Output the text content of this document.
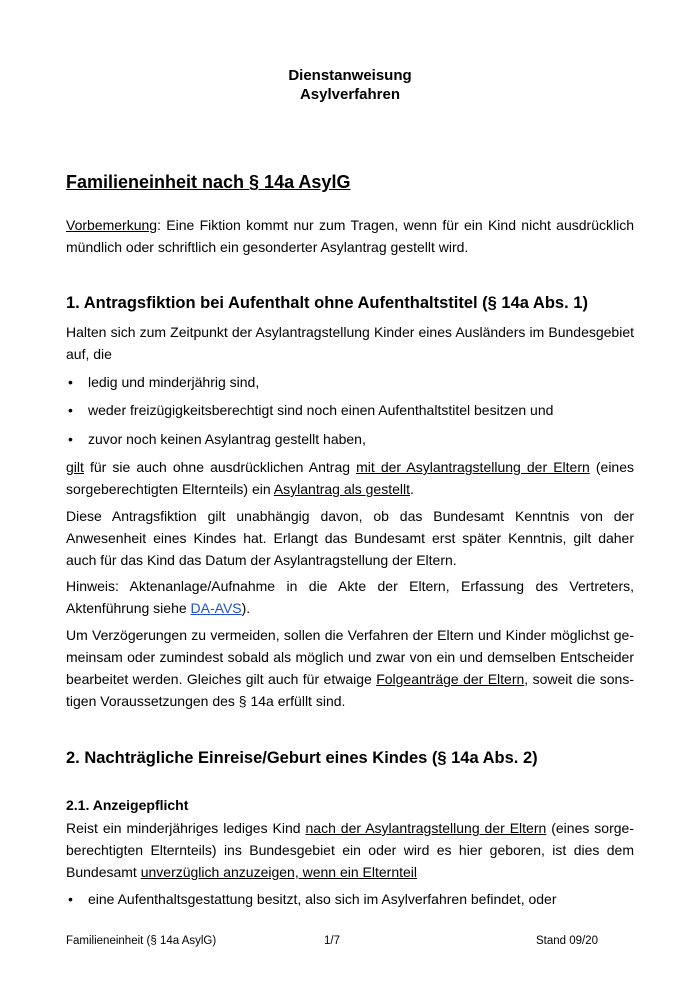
Dienstanweisung
Asylverfahren
Familieneinheit nach § 14a AsylG
Vorbemerkung: Eine Fiktion kommt nur zum Tragen, wenn für ein Kind nicht ausdrücklich mündlich oder schriftlich ein gesonderter Asylantrag gestellt wird.
1. Antragsfiktion bei Aufenthalt ohne Aufenthaltstitel (§ 14a Abs. 1)
Halten sich zum Zeitpunkt der Asylantragstellung Kinder eines Ausländers im Bundesgebiet auf, die
• ledig und minderjährig sind,
• weder freizügigkeitsberechtigt sind noch einen Aufenthaltstitel besitzen und
• zuvor noch keinen Asylantrag gestellt haben,
gilt für sie auch ohne ausdrücklichen Antrag mit der Asylantragstellung der Eltern (eines sorgeberechtigten Elternteils) ein Asylantrag als gestellt.
Diese Antragsfiktion gilt unabhängig davon, ob das Bundesamt Kenntnis von der Anwesenheit eines Kindes hat. Erlangt das Bundesamt erst später Kenntnis, gilt daher auch für das Kind das Datum der Asylantragstellung der Eltern.
Hinweis: Aktenanlage/Aufnahme in die Akte der Eltern, Erfassung des Vertreters, Aktenführung siehe DA-AVS).
Um Verzögerungen zu vermeiden, sollen die Verfahren der Eltern und Kinder möglichst gemeinsam oder zumindest sobald als möglich und zwar von ein und demselben Entscheider bearbeitet werden. Gleiches gilt auch für etwaige Folgeanträge der Eltern, soweit die sonstigen Voraussetzungen des § 14a erfüllt sind.
2. Nachträgliche Einreise/Geburt eines Kindes (§ 14a Abs. 2)
2.1. Anzeigepflicht
Reist ein minderjähriges lediges Kind nach der Asylantragstellung der Eltern (eines sorgeberechtigten Elternteils) ins Bundesgebiet ein oder wird es hier geboren, ist dies dem Bundesamt unverzüglich anzuzeigen, wenn ein Elternteil
• eine Aufenthaltsgestattung besitzt, also sich im Asylverfahren befindet, oder
Familieneinheit (§ 14a AsylG)	1/7	Stand 09/20
